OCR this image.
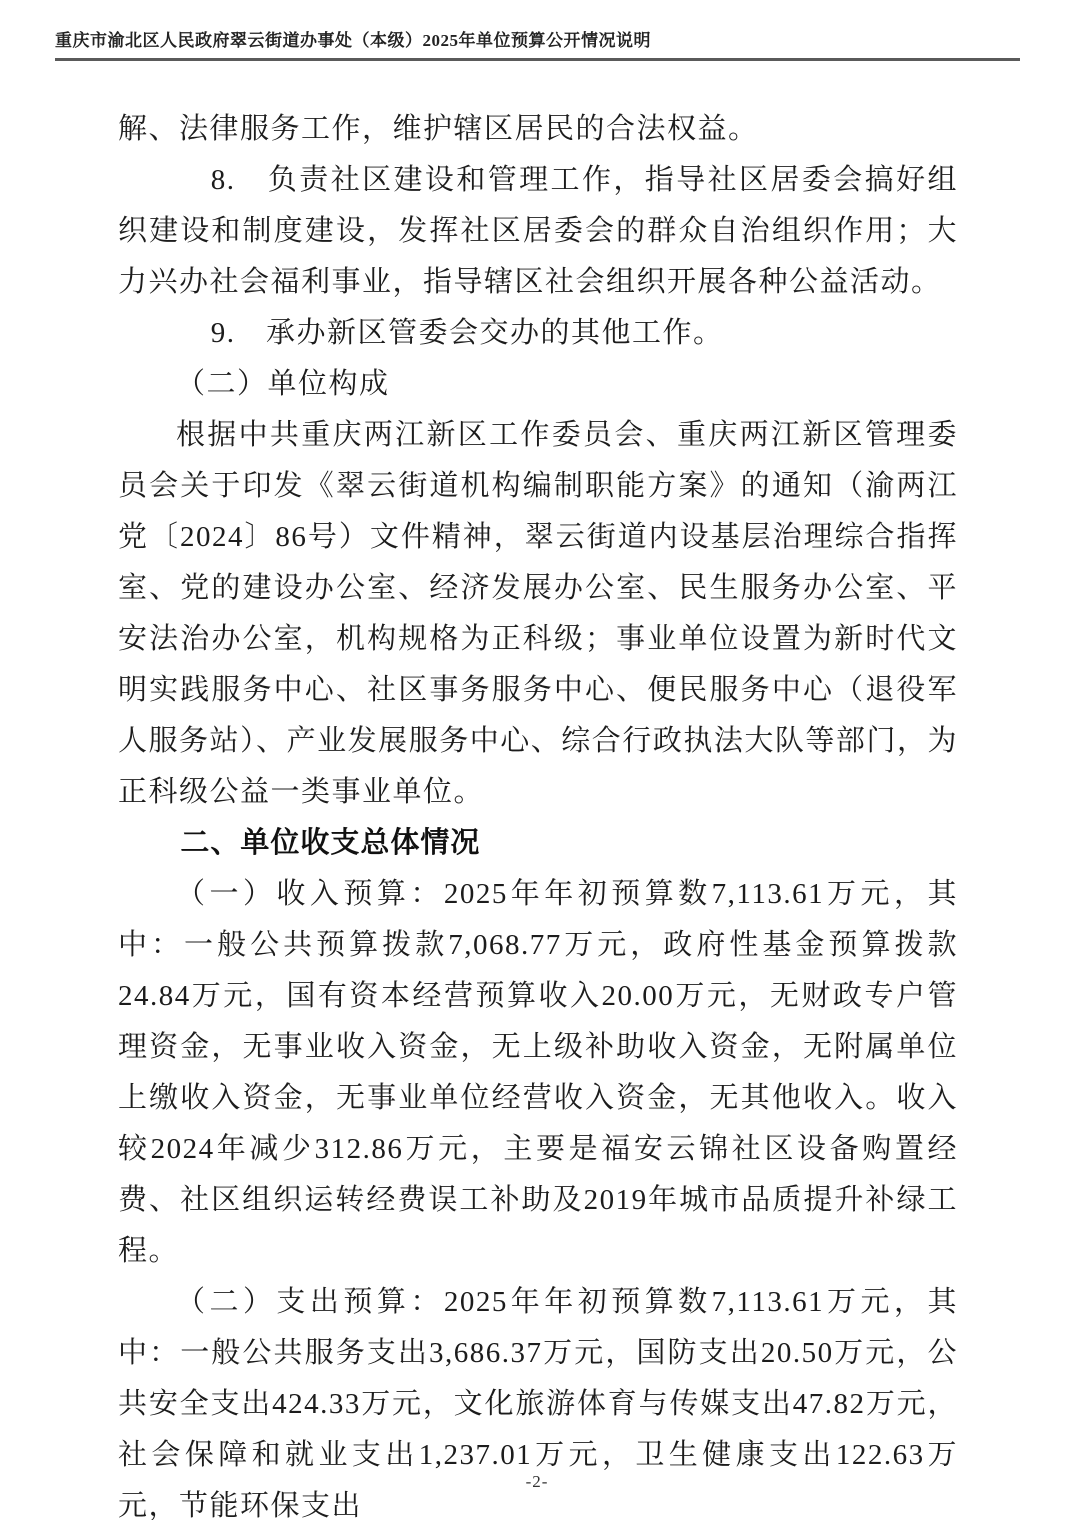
重庆市渝北区人民政府翠云街道办事处（本级）2025年单位预算公开情况说明

解、法律服务工作，维护辖区居民的合法权益。

8.　负责社区建设和管理工作，指导社区居委会搞好组织建设和制度建设，发挥社区居委会的群众自治组织作用；大力兴办社会福利事业，指导辖区社会组织开展各种公益活动。

9.　承办新区管委会交办的其他工作。

（二）单位构成

根据中共重庆两江新区工作委员会、重庆两江新区管理委员会关于印发《翠云街道机构编制职能方案》的通知（渝两江党〔2024〕86号）文件精神，翠云街道内设基层治理综合指挥室、党的建设办公室、经济发展办公室、民生服务办公室、平安法治办公室，机构规格为正科级；事业单位设置为新时代文明实践服务中心、社区事务服务中心、便民服务中心（退役军人服务站）、产业发展服务中心、综合行政执法大队等部门，为正科级公益一类事业单位。

二、单位收支总体情况

（一）收入预算：2025年年初预算数7,113.61万元，其中：一般公共预算拨款7,068.77万元，政府性基金预算拨款24.84万元，国有资本经营预算收入20.00万元，无财政专户管理资金，无事业收入资金，无上级补助收入资金，无附属单位上缴收入资金，无事业单位经营收入资金，无其他收入。收入较2024年减少312.86万元，主要是福安云锦社区设备购置经费、社区组织运转经费误工补助及2019年城市品质提升补绿工程。

（二）支出预算：2025年年初预算数7,113.61万元，其中：一般公共服务支出3,686.37万元，国防支出20.50万元，公共安全支出424.33万元，文化旅游体育与传媒支出47.82万元，社会保障和就业支出1,237.01万元，卫生健康支出122.63万元，节能环保支出

-2-
